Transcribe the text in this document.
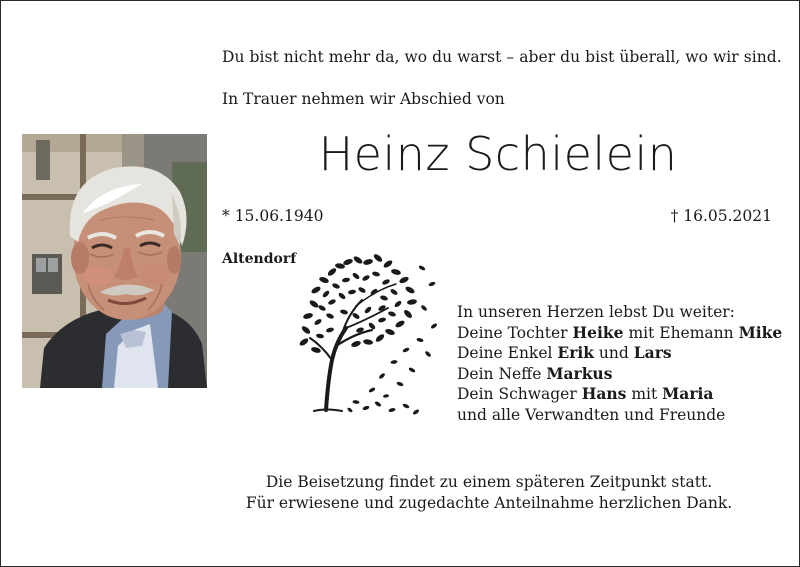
Du bist nicht mehr da, wo du warst – aber du bist überall, wo wir sind.
In Trauer nehmen wir Abschied von
Heinz Schielein
* 15.06.1940	† 16.05.2021
Altendorf
In unseren Herzen lebst Du weiter:
Deine Tochter Heike mit Ehemann Mike
Deine Enkel Erik und Lars
Dein Neffe Markus
Dein Schwager Hans mit Maria
und alle Verwandten und Freunde
Die Beisetzung findet zu einem späteren Zeitpunkt statt.
Für erwiesene und zugedachte Anteilnahme herzlichen Dank.
